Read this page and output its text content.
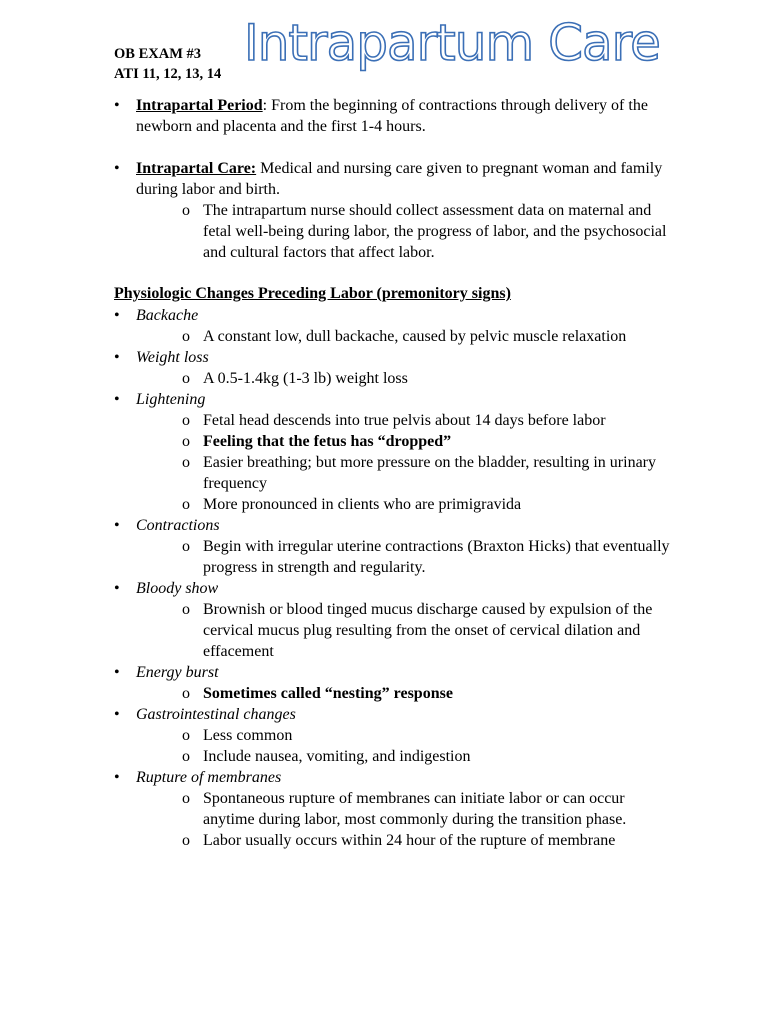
OB EXAM #3
ATI 11, 12, 13, 14
Intrapartum Care
•	Intrapartal Period: From the beginning of contractions through delivery of the newborn and placenta and the first 1-4 hours.
•	Intrapartal Care: Medical and nursing care given to pregnant woman and family during labor and birth.
o The intrapartum nurse should collect assessment data on maternal and fetal well-being during labor, the progress of labor, and the psychosocial and cultural factors that affect labor.
Physiologic Changes Preceding Labor (premonitory signs)
•	Backache
o A constant low, dull backache, caused by pelvic muscle relaxation
•	Weight loss
o A 0.5-1.4kg (1-3 lb) weight loss
•	Lightening
o Fetal head descends into true pelvis about 14 days before labor
o Feeling that the fetus has “dropped”
o Easier breathing; but more pressure on the bladder, resulting in urinary frequency
o More pronounced in clients who are primigravida
•	Contractions
o Begin with irregular uterine contractions (Braxton Hicks) that eventually progress in strength and regularity.
•	Bloody show
o Brownish or blood tinged mucus discharge caused by expulsion of the cervical mucus plug resulting from the onset of cervical dilation and effacement
•	Energy burst
o Sometimes called “nesting” response
•	Gastrointestinal changes
o Less common
o Include nausea, vomiting, and indigestion
•	Rupture of membranes
o Spontaneous rupture of membranes can initiate labor or can occur anytime during labor, most commonly during the transition phase.
o Labor usually occurs within 24 hour of the rupture of membrane
